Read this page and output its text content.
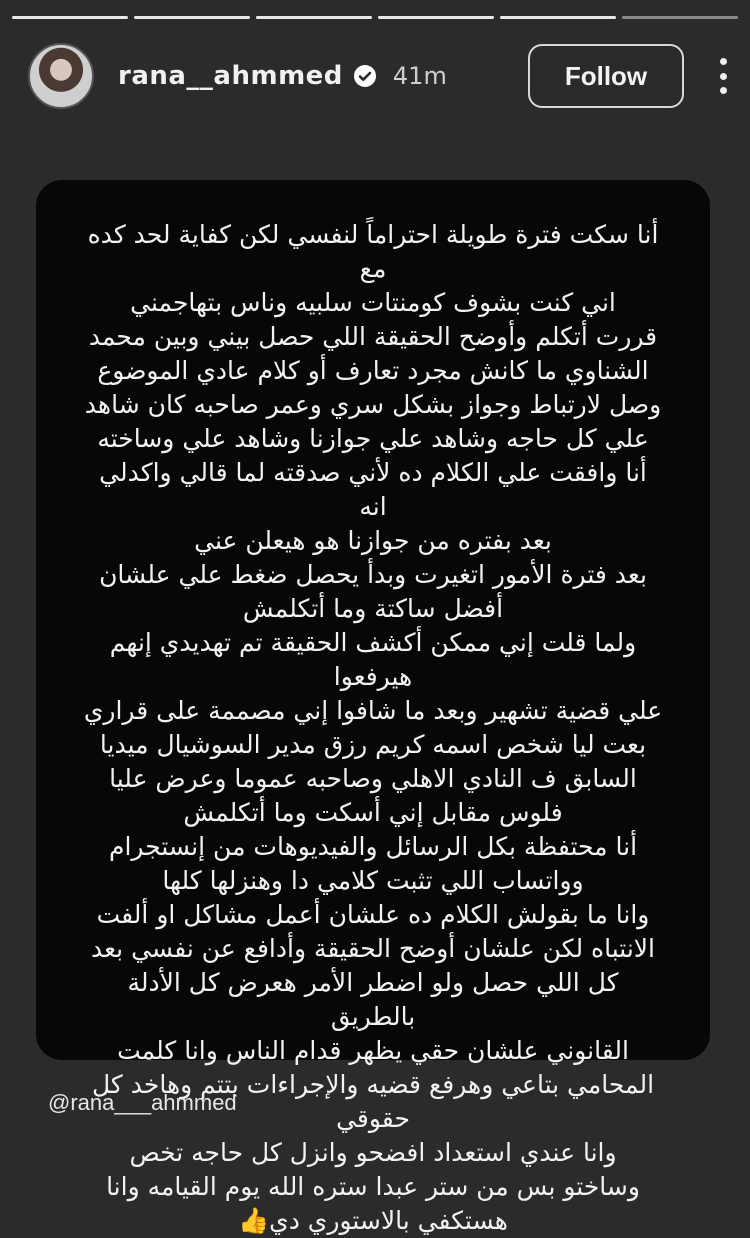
rana__ahmmed 41m	Follow
أنا سكت فترة طويلة احتراماً لنفسي لكن كفاية لحد كده مع
اني كنت بشوف كومنتات سلبيه وناس بتهاجمني
قررت أتكلم وأوضح الحقيقة اللي حصل بيني وبين محمد
الشناوي ما كانش مجرد تعارف أو كلام عادي الموضوع
وصل لارتباط وجواز بشكل سري وعمر صاحبه كان شاهد
علي كل حاجه وشاهد علي جوازنا وشاهد علي وساخته
أنا وافقت علي الكلام ده لأني صدقته لما قالي واكدلي انه
بعد بفتره من جوازنا هو هيعلن عني
بعد فترة الأمور اتغيرت وبدأ يحصل ضغط علي علشان
أفضل ساكتة وما أتكلمش
ولما قلت إني ممكن أكشف الحقيقة تم تهديدي إنهم هيرفعوا
علي قضية تشهير وبعد ما شافوا إني مصممة على قراري
بعت ليا شخص اسمه كريم رزق مدير السوشيال ميديا
السابق ف النادي الاهلي وصاحبه عموما وعرض عليا
فلوس مقابل إني أسكت وما أتكلمش
أنا محتفظة بكل الرسائل والفيديوهات من إنستجرام
وواتساب اللي تثبت كلامي دا وهنزلها كلها
وانا ما بقولش الكلام ده علشان أعمل مشاكل او ألفت
الانتباه لكن علشان أوضح الحقيقة وأدافع عن نفسي بعد
كل اللي حصل ولو اضطر الأمر هعرض كل الأدلة بالطريق
القانوني علشان حقي يظهر قدام الناس وانا كلمت
المحامي بتاعي وهرفع قضيه والإجراءات بتتم وهاخد كل
حقوقي
وانا عندي استعداد افضحو وانزل كل حاجه تخص
وساختو بس من ستر عبدا ستره الله يوم القيامه وانا
هستكفي بالاستوري دي👍
@rana___ahmmed
